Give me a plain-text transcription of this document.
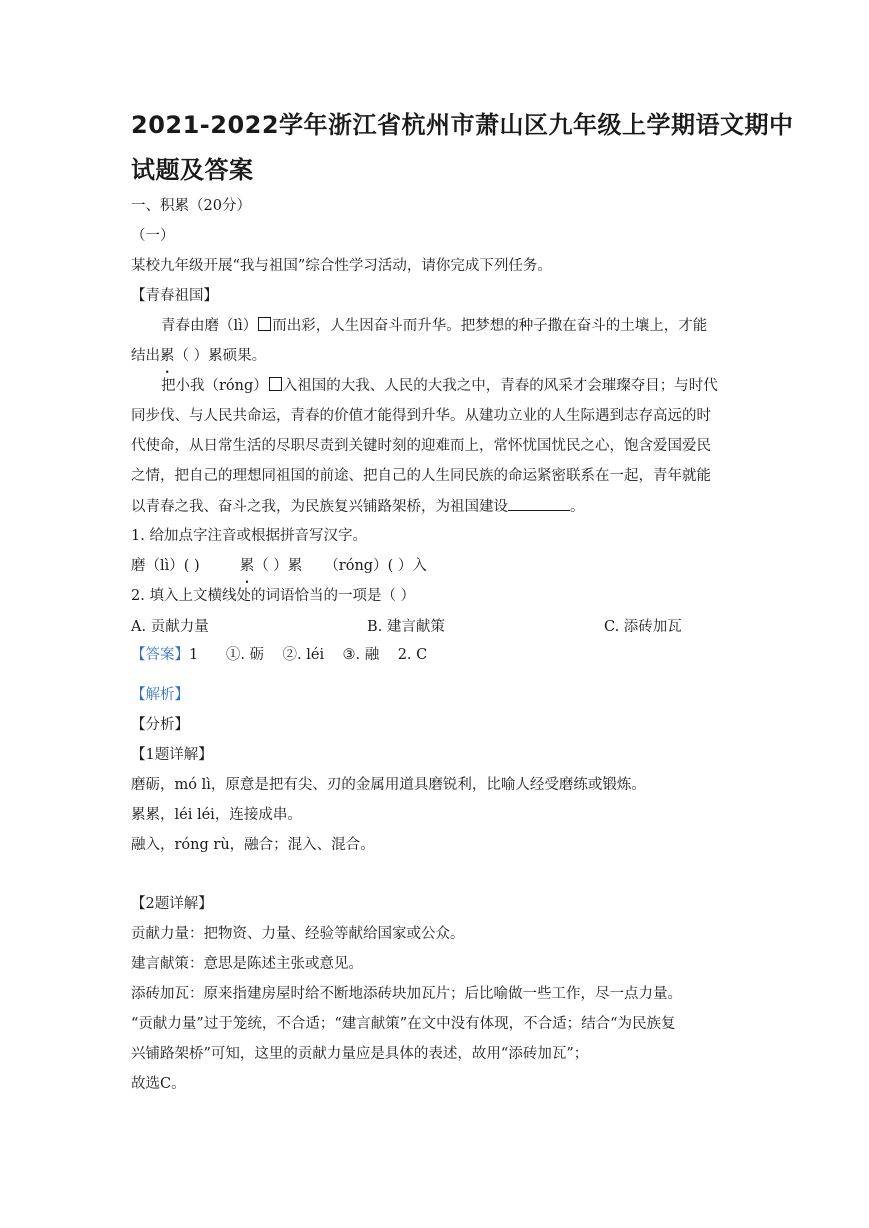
2021-2022学年浙江省杭州市萧山区九年级上学期语文期中
试题及答案
一、积累（20分）
（一）
某校九年级开展“我与祖国”综合性学习活动，请你完成下列任务。
【青春祖国】
青春由磨（lì） 而出彩，人生因奋斗而升华。把梦想的种子撒在奋斗的土壤上，才能
结出累（ ）累硕果。
把小我（róng） 入祖国的大我、人民的大我之中，青春的风采才会璀璨夺目；与时代
同步伐、与人民共命运，青春的价值才能得到升华。从建功立业的人生际遇到志存高远的时
代使命，从日常生活的尽职尽责到关键时刻的迎难而上，常怀忧国忧民之心，饱含爱国爱民
之情，把自己的理想同祖国的前途、把自己的人生同民族的命运紧密联系在一起，青年就能
以青春之我、奋斗之我，为民族复兴铺路架桥，为祖国建设	。
1. 给加点字注音或根据拼音写汉字。
磨（lì）( )	累（ ）累 （róng）( ）入
2. 填入上文横线处的词语恰当的一项是（ ）
A. 贡献力量	B. 建言献策	C. 添砖加瓦
【答案】1      ①. 砺    ②. léi    ③. 融    2. C
【解析】
【分析】
【1题详解】
磨砺，mó lì，原意是把有尖、刃的金属用道具磨锐利，比喻人经受磨练或锻炼。
累累，léi léi，连接成串。
融入，róng rù，融合；混入、混合。
【2题详解】
贡献力量：把物资、力量、经验等献给国家或公众。
建言献策：意思是陈述主张或意见。
添砖加瓦：原来指建房屋时给不断地添砖块加瓦片；后比喻做一些工作，尽一点力量。
“贡献力量”过于笼统，不合适；“建言献策”在文中没有体现，不合适；结合“为民族复
兴铺路架桥”可知，这里的贡献力量应是具体的表述，故用“添砖加瓦”；
故选C。
